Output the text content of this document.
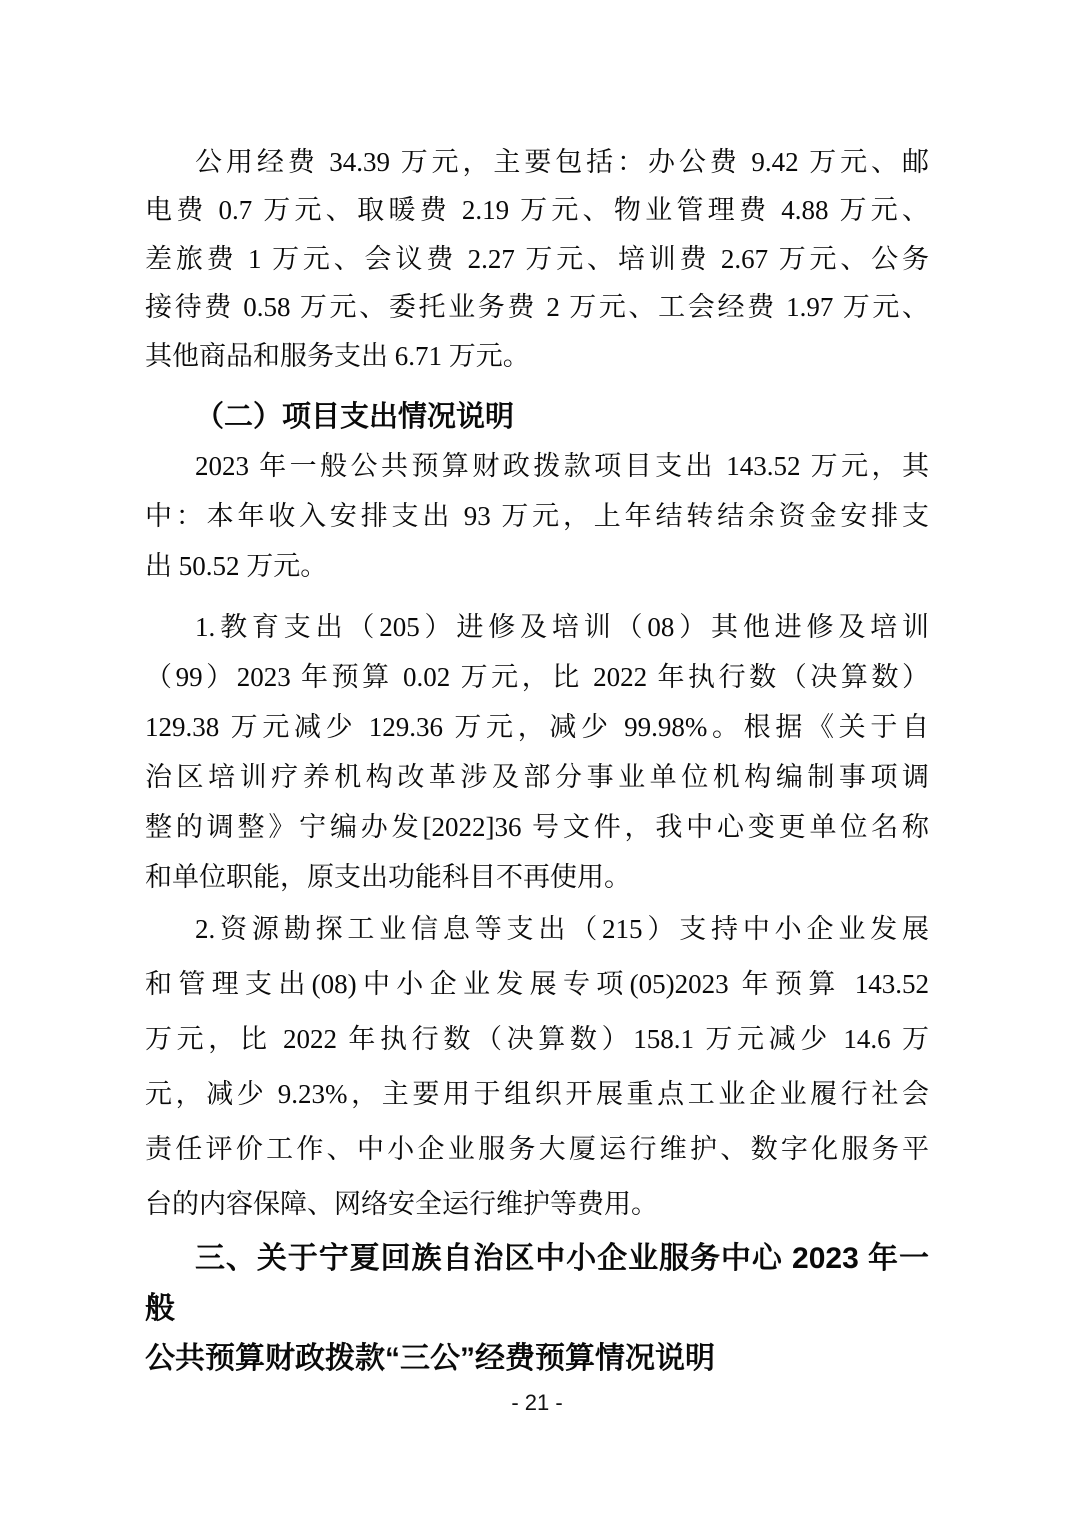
公用经费 34.39 万元，主要包括：办公费 9.42 万元、邮
电费 0.7 万元、取暖费 2.19 万元、物业管理费 4.88 万元、
差旅费 1 万元、会议费 2.27 万元、培训费 2.67 万元、公务
接待费 0.58 万元、委托业务费 2 万元、工会经费 1.97 万元、
其他商品和服务支出 6.71 万元。

（二）项目支出情况说明

2023 年一般公共预算财政拨款项目支出 143.52 万元，其
中：本年收入安排支出 93 万元，上年结转结余资金安排支
出 50.52 万元。

1.教育支出（205）进修及培训（08）其他进修及培训
（99）2023 年预算 0.02 万元，比 2022 年执行数（决算数）
129.38 万元减少 129.36 万元，减少 99.98%。根据《关于自
治区培训疗养机构改革涉及部分事业单位机构编制事项调
整的调整》宁编办发[2022]36 号文件，我中心变更单位名称
和单位职能，原支出功能科目不再使用。

2.资源勘探工业信息等支出（215）支持中小企业发展
和管理支出(08)中小企业发展专项(05)2023 年预算 143.52
万元，比 2022 年执行数（决算数）158.1 万元减少 14.6 万
元，减少 9.23%，主要用于组织开展重点工业企业履行社会
责任评价工作、中小企业服务大厦运行维护、数字化服务平
台的内容保障、网络安全运行维护等费用。

三、关于宁夏回族自治区中小企业服务中心 2023 年一般
公共预算财政拨款“三公”经费预算情况说明

- 21 -
